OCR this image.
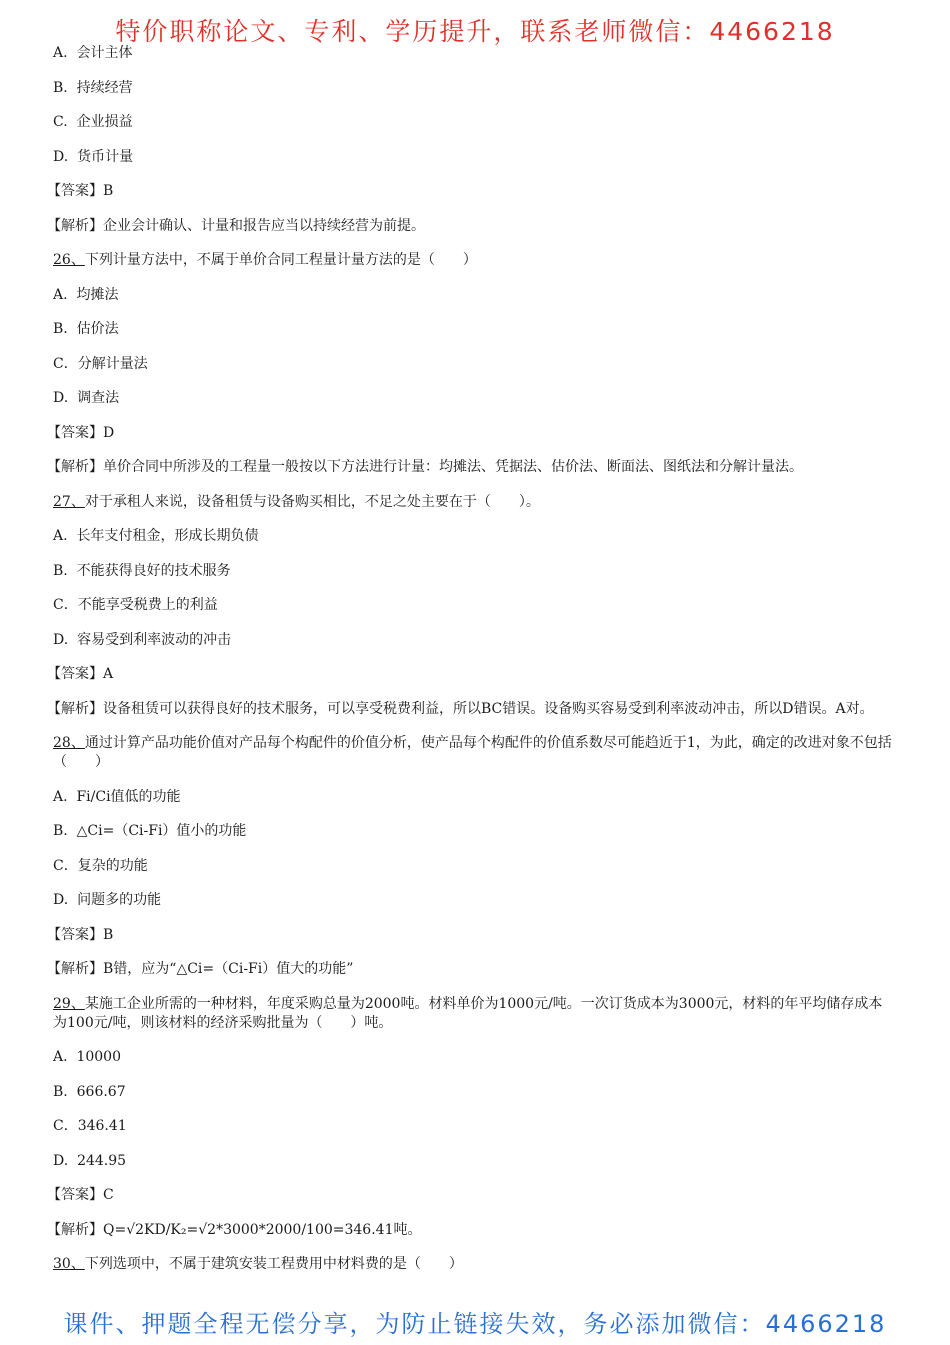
特价职称论文、专利、学历提升，联系老师微信：4466218
A.  会计主体
B.  持续经营
C.  企业损益
D.  货币计量
【答案】B
【解析】企业会计确认、计量和报告应当以持续经营为前提。
26、下列计量方法中，不属于单价合同工程量计量方法的是（　　）
A.  均摊法
B.  估价法
C．分解计量法
D.  调查法
【答案】D
【解析】单价合同中所涉及的工程量一般按以下方法进行计量：均摊法、凭据法、估价法、断面法、图纸法和分解计量法。
27、对于承租人来说，设备租赁与设备购买相比，不足之处主要在于（　　）。
A.  长年支付租金，形成长期负债
B.  不能获得良好的技术服务
C．不能享受税费上的利益
D.  容易受到利率波动的冲击
【答案】A
【解析】设备租赁可以获得良好的技术服务，可以享受税费利益，所以BC错误。设备购买容易受到利率波动冲击，所以D错误。A对。
28、通过计算产品功能价值对产品每个构配件的价值分析，使产品每个构配件的价值系数尽可能趋近于1，为此，确定的改进对象不包括（　　）
A.  Fi/Ci值低的功能
B.  △Ci=（Ci-Fi）值小的功能
C．复杂的功能
D.  问题多的功能
【答案】B
【解析】B错，应为“△Ci=（Ci-Fi）值大的功能”
29、某施工企业所需的一种材料，年度采购总量为2000吨。材料单价为1000元/吨。一次订货成本为3000元，材料的年平均储存成本为100元/吨，则该材料的经济采购批量为（　　）吨。
A.  10000
B.  666.67
C．346.41
D.  244.95
【答案】C
【解析】Q=√2KD/K₂=√2*3000*2000/100=346.41吨。
30、下列选项中，不属于建筑安装工程费用中材料费的是（　　）
课件、押题全程无偿分享，为防止链接失效，务必添加微信：4466218
